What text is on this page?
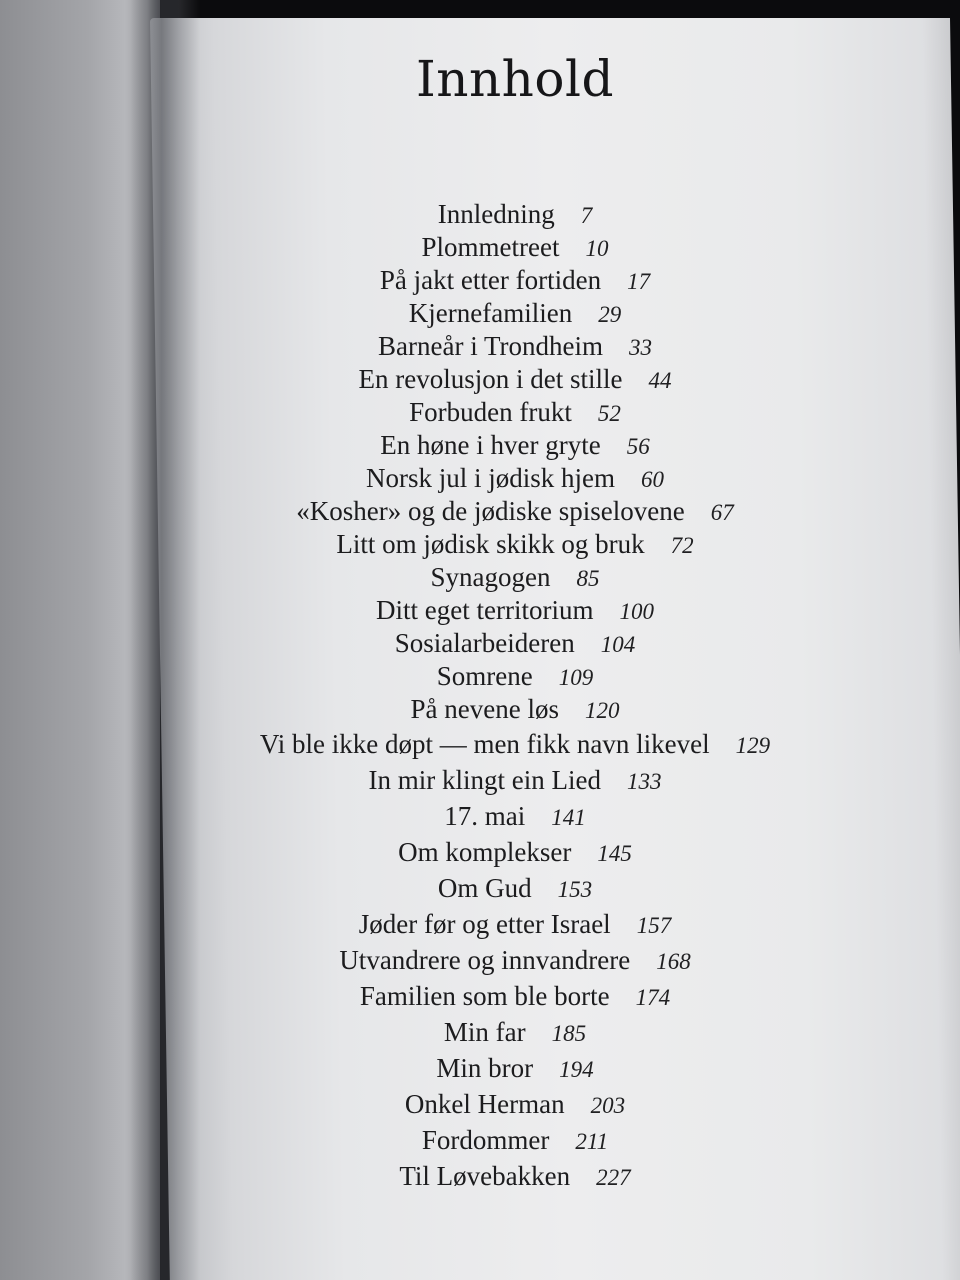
Innhold
Innledning 7
Plommetreet 10
På jakt etter fortiden 17
Kjernefamilien 29
Barneår i Trondheim 33
En revolusjon i det stille 44
Forbuden frukt 52
En høne i hver gryte 56
Norsk jul i jødisk hjem 60
«Kosher» og de jødiske spiselovene 67
Litt om jødisk skikk og bruk 72
Synagogen 85
Ditt eget territorium 100
Sosialarbeideren 104
Somrene 109
På nevene løs 120
Vi ble ikke døpt — men fikk navn likevel 129
In mir klingt ein Lied 133
17. mai 141
Om komplekser 145
Om Gud 153
Jøder før og etter Israel 157
Utvandrere og innvandrere 168
Familien som ble borte 174
Min far 185
Min bror 194
Onkel Herman 203
Fordommer 211
Til Løvebakken 227
